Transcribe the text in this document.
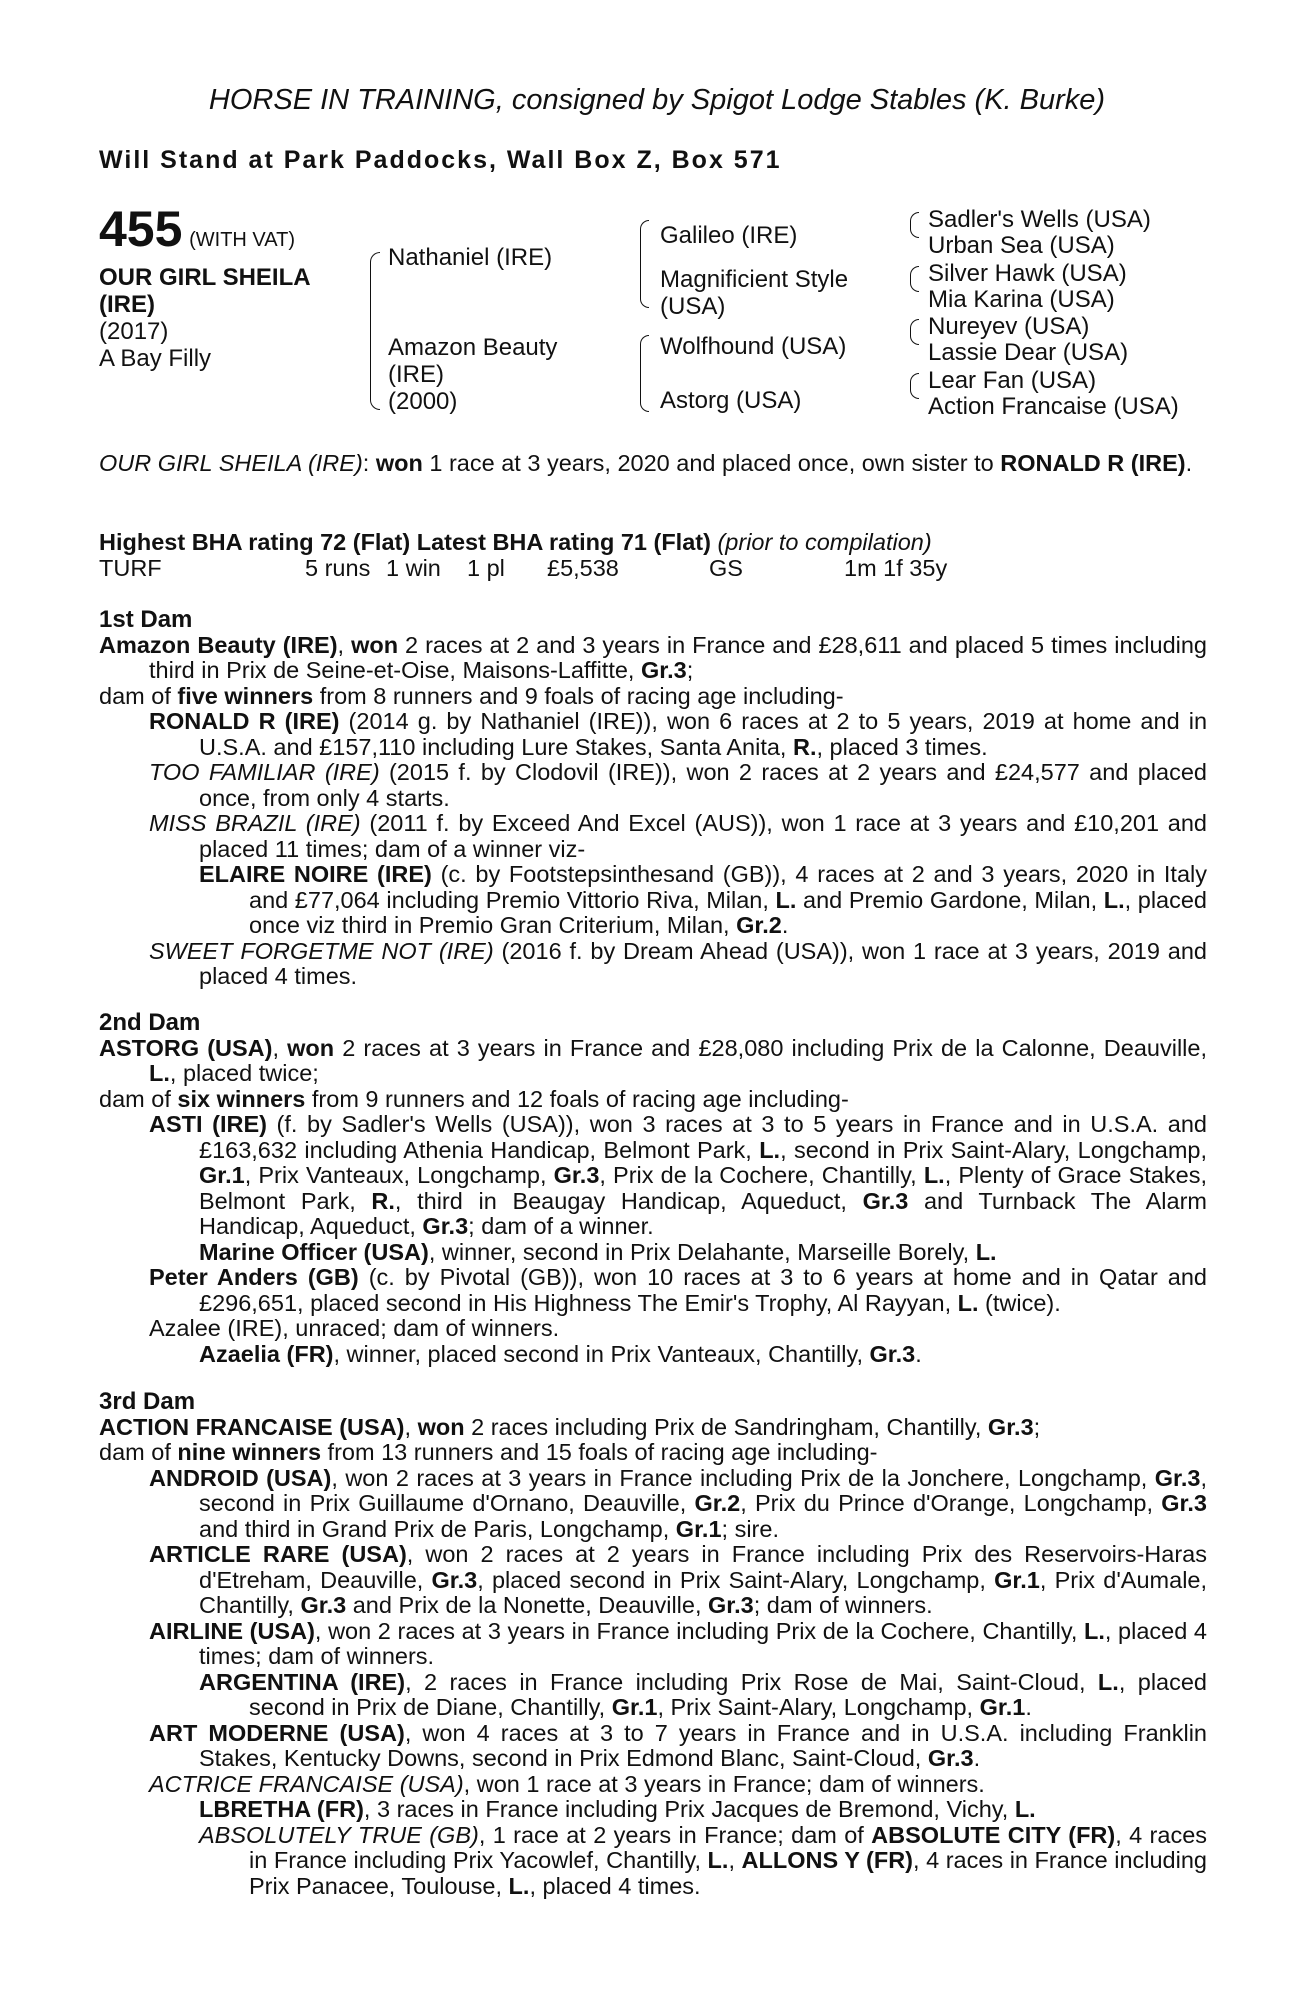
HORSE IN TRAINING, consigned by Spigot Lodge Stables (K. Burke)
Will Stand at Park Paddocks, Wall Box Z, Box 571
455 (WITH VAT)
OUR GIRL SHEILA
(IRE)
(2017)
A Bay Filly
Nathaniel (IRE)
Amazon Beauty
(IRE)
(2000)
Galileo (IRE)
Magnificient Style
(USA)
Wolfhound (USA)
Astorg (USA)
Sadler's Wells (USA)
Urban Sea (USA)
Silver Hawk (USA)
Mia Karina (USA)
Nureyev (USA)
Lassie Dear (USA)
Lear Fan (USA)
Action Francaise (USA)
OUR GIRL SHEILA (IRE): won 1 race at 3 years, 2020 and placed once, own sister to RONALD R (IRE).
Highest BHA rating 72 (Flat) Latest BHA rating 71 (Flat) (prior to compilation)
TURF	5 runs 1 win 1 pl £5,538	GS	1m 1f 35y
1st Dam
Amazon Beauty (IRE), won 2 races at 2 and 3 years in France and £28,611 and placed 5 times including third in Prix de Seine-et-Oise, Maisons-Laffitte, Gr.3;
dam of five winners from 8 runners and 9 foals of racing age including-
RONALD R (IRE) (2014 g. by Nathaniel (IRE)), won 6 races at 2 to 5 years, 2019 at home and in U.S.A. and £157,110 including Lure Stakes, Santa Anita, R., placed 3 times.
TOO FAMILIAR (IRE) (2015 f. by Clodovil (IRE)), won 2 races at 2 years and £24,577 and placed once, from only 4 starts.
MISS BRAZIL (IRE) (2011 f. by Exceed And Excel (AUS)), won 1 race at 3 years and £10,201 and placed 11 times; dam of a winner viz-
ELAIRE NOIRE (IRE) (c. by Footstepsinthesand (GB)), 4 races at 2 and 3 years, 2020 in Italy and £77,064 including Premio Vittorio Riva, Milan, L. and Premio Gardone, Milan, L., placed once viz third in Premio Gran Criterium, Milan, Gr.2.
SWEET FORGETME NOT (IRE) (2016 f. by Dream Ahead (USA)), won 1 race at 3 years, 2019 and placed 4 times.
2nd Dam
ASTORG (USA), won 2 races at 3 years in France and £28,080 including Prix de la Calonne, Deauville, L., placed twice;
dam of six winners from 9 runners and 12 foals of racing age including-
ASTI (IRE) (f. by Sadler's Wells (USA)), won 3 races at 3 to 5 years in France and in U.S.A. and £163,632 including Athenia Handicap, Belmont Park, L., second in Prix Saint-Alary, Longchamp, Gr.1, Prix Vanteaux, Longchamp, Gr.3, Prix de la Cochere, Chantilly, L., Plenty of Grace Stakes, Belmont Park, R., third in Beaugay Handicap, Aqueduct, Gr.3 and Turnback The Alarm Handicap, Aqueduct, Gr.3; dam of a winner.
Marine Officer (USA), winner, second in Prix Delahante, Marseille Borely, L.
Peter Anders (GB) (c. by Pivotal (GB)), won 10 races at 3 to 6 years at home and in Qatar and £296,651, placed second in His Highness The Emir's Trophy, Al Rayyan, L. (twice).
Azalee (IRE), unraced; dam of winners.
Azaelia (FR), winner, placed second in Prix Vanteaux, Chantilly, Gr.3.
3rd Dam
ACTION FRANCAISE (USA), won 2 races including Prix de Sandringham, Chantilly, Gr.3;
dam of nine winners from 13 runners and 15 foals of racing age including-
ANDROID (USA), won 2 races at 3 years in France including Prix de la Jonchere, Longchamp, Gr.3, second in Prix Guillaume d'Ornano, Deauville, Gr.2, Prix du Prince d'Orange, Longchamp, Gr.3 and third in Grand Prix de Paris, Longchamp, Gr.1; sire.
ARTICLE RARE (USA), won 2 races at 2 years in France including Prix des Reservoirs-Haras d'Etreham, Deauville, Gr.3, placed second in Prix Saint-Alary, Longchamp, Gr.1, Prix d'Aumale, Chantilly, Gr.3 and Prix de la Nonette, Deauville, Gr.3; dam of winners.
AIRLINE (USA), won 2 races at 3 years in France including Prix de la Cochere, Chantilly, L., placed 4 times; dam of winners.
ARGENTINA (IRE), 2 races in France including Prix Rose de Mai, Saint-Cloud, L., placed second in Prix de Diane, Chantilly, Gr.1, Prix Saint-Alary, Longchamp, Gr.1.
ART MODERNE (USA), won 4 races at 3 to 7 years in France and in U.S.A. including Franklin Stakes, Kentucky Downs, second in Prix Edmond Blanc, Saint-Cloud, Gr.3.
ACTRICE FRANCAISE (USA), won 1 race at 3 years in France; dam of winners.
LBRETHA (FR), 3 races in France including Prix Jacques de Bremond, Vichy, L.
ABSOLUTELY TRUE (GB), 1 race at 2 years in France; dam of ABSOLUTE CITY (FR), 4 races in France including Prix Yacowlef, Chantilly, L., ALLONS Y (FR), 4 races in France including Prix Panacee, Toulouse, L., placed 4 times.
